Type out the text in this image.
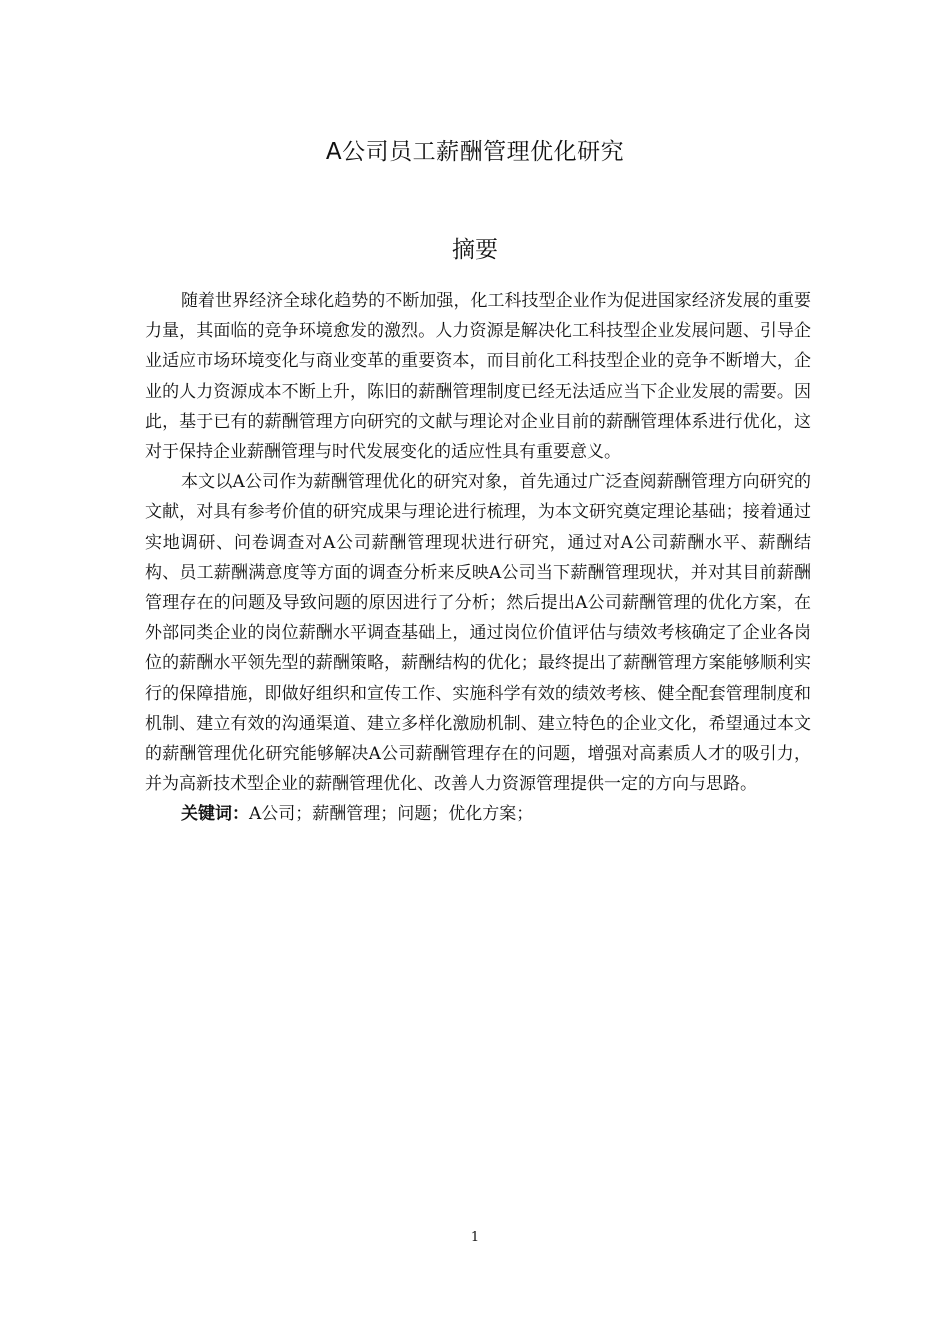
A公司员工薪酬管理优化研究
摘要

随着世界经济全球化趋势的不断加强，化工科技型企业作为促进国家经济发展的重要力量，其面临的竞争环境愈发的激烈。人力资源是解决化工科技型企业发展问题、引导企业适应市场环境变化与商业变革的重要资本，而目前化工科技型企业的竞争不断增大，企业的人力资源成本不断上升，陈旧的薪酬管理制度已经无法适应当下企业发展的需要。因此，基于已有的薪酬管理方向研究的文献与理论对企业目前的薪酬管理体系进行优化，这对于保持企业薪酬管理与时代发展变化的适应性具有重要意义。

本文以A公司作为薪酬管理优化的研究对象，首先通过广泛查阅薪酬管理方向研究的文献，对具有参考价值的研究成果与理论进行梳理，为本文研究奠定理论基础；接着通过实地调研、问卷调查对A公司薪酬管理现状进行研究，通过对A公司薪酬水平、薪酬结构、员工薪酬满意度等方面的调查分析来反映A公司当下薪酬管理现状，并对其目前薪酬管理存在的问题及导致问题的原因进行了分析；然后提出A公司薪酬管理的优化方案，在外部同类企业的岗位薪酬水平调查基础上，通过岗位价值评估与绩效考核确定了企业各岗位的薪酬水平领先型的薪酬策略，薪酬结构的优化；最终提出了薪酬管理方案能够顺利实行的保障措施，即做好组织和宣传工作、实施科学有效的绩效考核、健全配套管理制度和机制、建立有效的沟通渠道、建立多样化激励机制、建立特色的企业文化，希望通过本文的薪酬管理优化研究能够解决A公司薪酬管理存在的问题，增强对高素质人才的吸引力，并为高新技术型企业的薪酬管理优化、改善人力资源管理提供一定的方向与思路。

关键词：A公司；薪酬管理；问题；优化方案；

1
